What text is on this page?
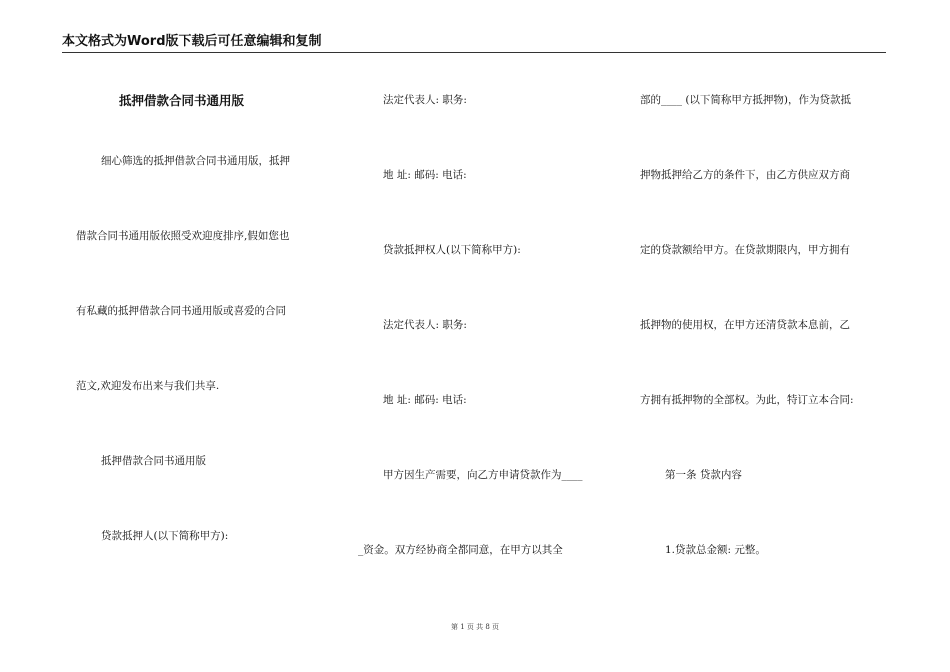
本文格式为Word版下载后可任意编辑和复制
抵押借款合同书通用版
细心筛选的抵押借款合同书通用版，抵押
借款合同书通用版依照受欢迎度排序,假如您也
有私藏的抵押借款合同书通用版或喜爱的合同
范文,欢迎发布出来与我们共享.
抵押借款合同书通用版
贷款抵押人(以下简称甲方):
法定代表人: 职务:
地 址: 邮码: 电话:
贷款抵押权人(以下简称甲方):
法定代表人: 职务:
地 址: 邮码: 电话:
甲方因生产需要，向乙方申请贷款作为____
_资金。双方经协商全都同意，在甲方以其全
部的____ (以下简称甲方抵押物)，作为贷款抵
押物抵押给乙方的条件下，由乙方供应双方商
定的贷款额给甲方。在贷款期限内，甲方拥有
抵押物的使用权，在甲方还清贷款本息前，乙
方拥有抵押物的全部权。为此，特订立本合同:
第一条 贷款内容
1.贷款总金额: 元整。
第 1 页 共 8 页
